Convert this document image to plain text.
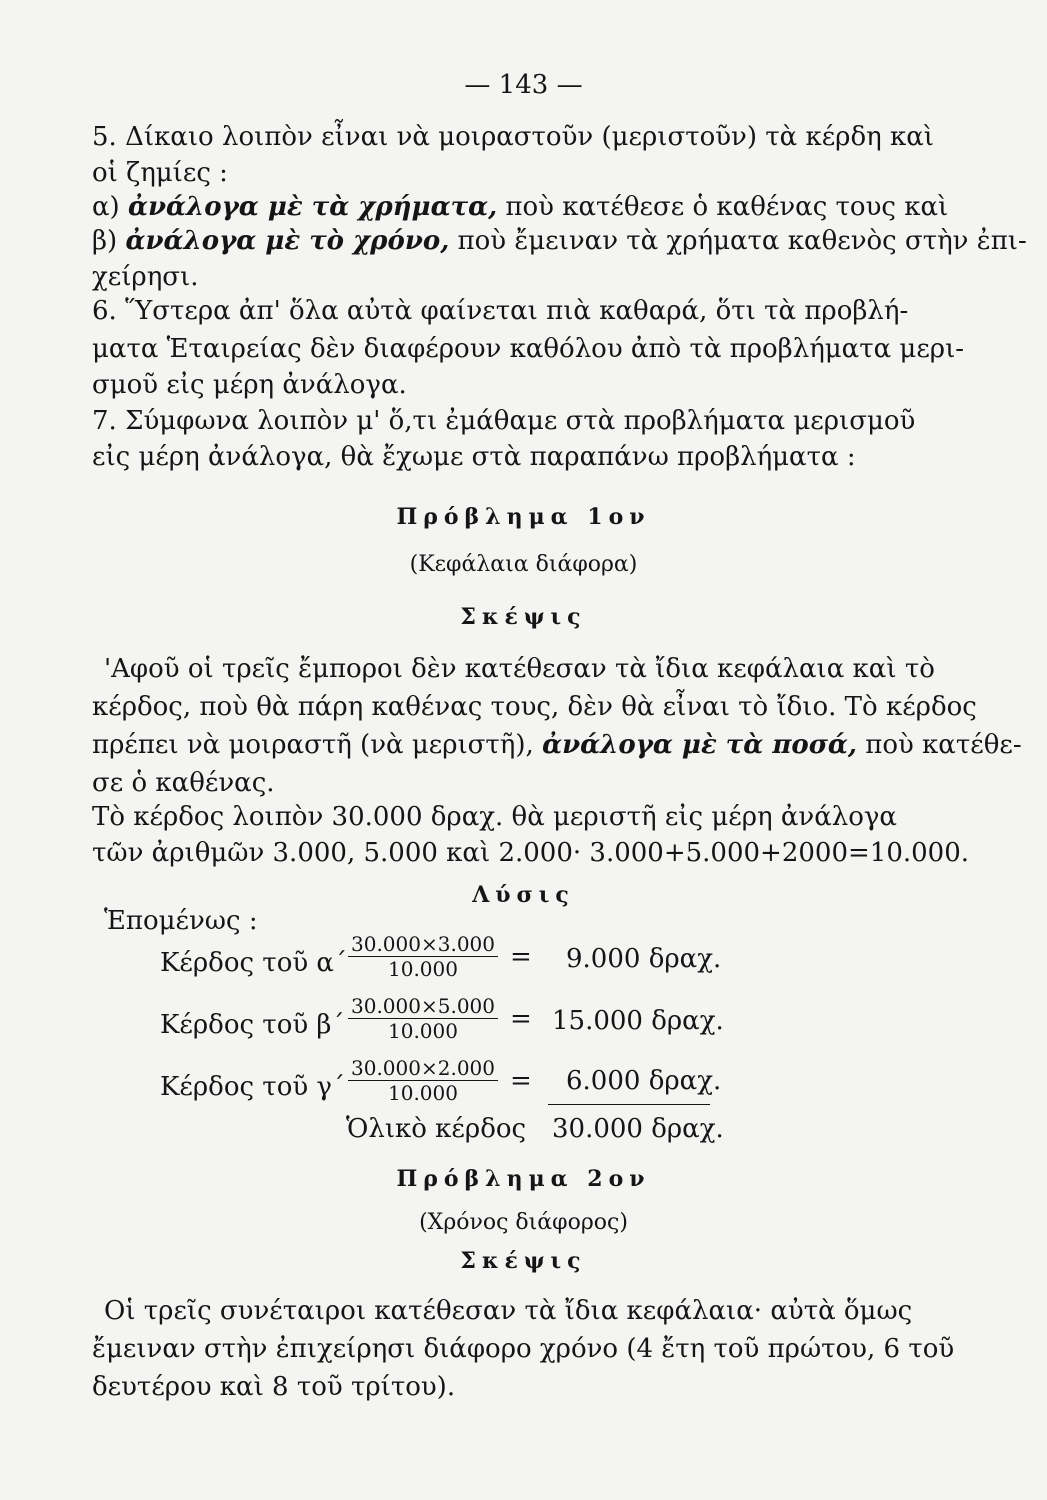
— 143 —
5. Δίκαιο λοιπὸν εἶναι νὰ μοιραστοῦν (μεριστοῦν) τὰ κέρδη καὶ
οἱ ζημίες :
α) ἀνάλογα μὲ τὰ χρήματα, ποὺ κατέθεσε ὁ καθένας τους καὶ
β) ἀνάλογα μὲ τὸ χρόνο, ποὺ ἔμειναν τὰ χρήματα καθενὸς στὴν ἐπι-
χείρησι.
6. Ὕστερα ἀπ' ὅλα αὐτὰ φαίνεται πιὰ καθαρά, ὅτι τὰ προβλή-
ματα Ἑταιρείας δὲν διαφέρουν καθόλου ἀπὸ τὰ προβλήματα μερι-
σμοῦ εἰς μέρη ἀνάλογα.
7. Σύμφωνα λοιπὸν μ' ὅ,τι ἐμάθαμε στὰ προβλήματα μερισμοῦ
εἰς μέρη ἀνάλογα, θὰ ἔχωμε στὰ παραπάνω προβλήματα :
Πρόβλημα 1ον
(Κεφάλαια διάφορα)
Σκέψις
'Αφοῦ οἱ τρεῖς ἔμποροι δὲν κατέθεσαν τὰ ἴδια κεφάλαια καὶ τὸ
κέρδος, ποὺ θὰ πάρη καθένας τους, δὲν θὰ εἶναι τὸ ἴδιο. Τὸ κέρδος
πρέπει νὰ μοιραστῆ (νὰ μεριστῆ), ἀνάλογα μὲ τὰ ποσά, ποὺ κατέθε-
σε ὁ καθένας.
Τὸ κέρδος λοιπὸν 30.000 δραχ. θὰ μεριστῆ εἰς μέρη ἀνάλογα
τῶν ἀριθμῶν 3.000, 5.000 καὶ 2.000· 3.000+5.000+2000=10.000.
Λύσις
Ἑπομένως :
Κέρδος τοῦ $\alpha΄ \frac{30.000\times 3.000}{10.000} = 9.000$ δραχ.
Κέρδος τοῦ $\beta΄ \frac{30.000\times 5.000}{10.000} = 15.000$ δραχ.
Κέρδος τοῦ $\gamma΄ \frac{30.000\times 2.000}{10.000} = 6.000$ δραχ.
Ὁλικὸ κέρδος 30.000 δραχ.
Πρόβλημα 2ον
(Χρόνος διάφορος)
Σκέψις
Οἱ τρεῖς συνέταιροι κατέθεσαν τὰ ἴδια κεφάλαια· αὐτὰ ὅμως
ἔμειναν στὴν ἐπιχείρησι διάφορο χρόνο (4 ἔτη τοῦ πρώτου, 6 τοῦ
δευτέρου καὶ 8 τοῦ τρίτου).
